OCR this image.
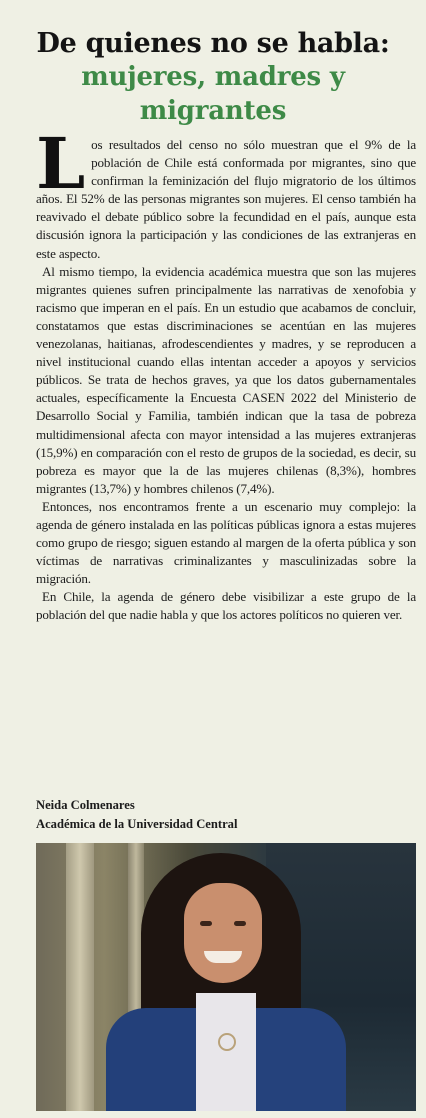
De quienes no se habla:
mujeres, madres y
migrantes

Los resultados del censo no sólo muestran que el 9% de la población de Chile está conformada por migrantes, sino que confirman la feminización del flujo migratorio de los últimos años. El 52% de las personas migrantes son mujeres. El censo también ha reavivado el debate público sobre la fecundidad en el país, aunque esta discusión ignora la participación y las condiciones de las extranjeras en este aspecto.

Al mismo tiempo, la evidencia académica muestra que son las mujeres migrantes quienes sufren principalmente las narrativas de xenofobia y racismo que imperan en el país. En un estudio que acabamos de concluir, constatamos que estas discriminaciones se acentúan en las mujeres venezolanas, haitianas, afrodescendientes y madres, y se reproducen a nivel institucional cuando ellas intentan acceder a apoyos y servicios públicos. Se trata de hechos graves, ya que los datos gubernamentales actuales, específicamente la Encuesta CASEN 2022 del Ministerio de Desarrollo Social y Familia, también indican que la tasa de pobreza multidimensional afecta con mayor intensidad a las mujeres extranjeras (15,9%) en comparación con el resto de grupos de la sociedad, es decir, su pobreza es mayor que la de las mujeres chilenas (8,3%), hombres migrantes (13,7%) y hombres chilenos (7,4%).

Entonces, nos encontramos frente a un escenario muy complejo: la agenda de género instalada en las políticas públicas ignora a estas mujeres como grupo de riesgo; siguen estando al margen de la oferta pública y son víctimas de narrativas criminalizantes y masculinizadas sobre la migración.

En Chile, la agenda de género debe visibilizar a este grupo de la población del que nadie habla y que los actores políticos no quieren ver.

Neida Colmenares
Académica de la Universidad Central
